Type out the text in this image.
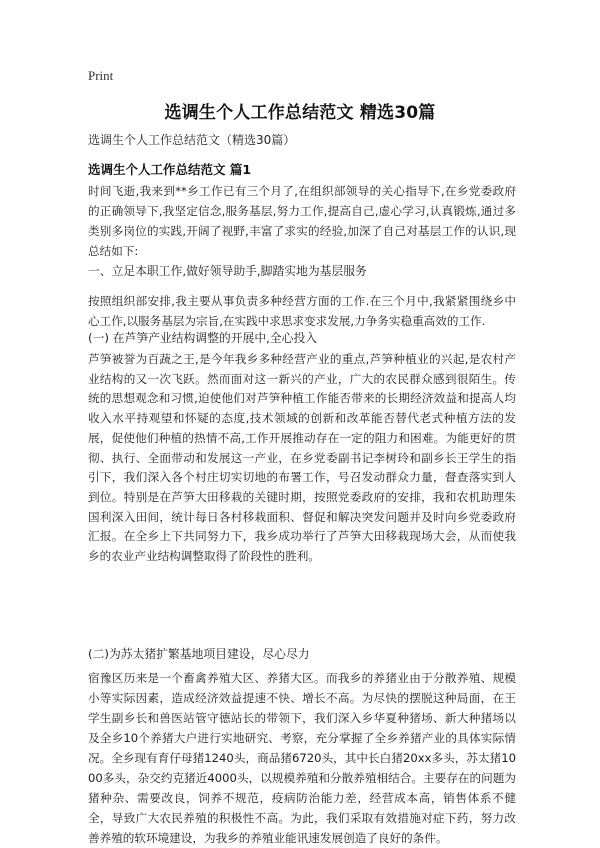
Print
选调生个人工作总结范文 精选30篇
选调生个人工作总结范文（精选30篇）
选调生个人工作总结范文 篇1

时间飞逝,我来到**乡工作已有三个月了,在组织部领导的关心指导下,在乡党委政府的正确领导下,我坚定信念,服务基层,努力工作,提高自己,虚心学习,认真锻炼,通过多类别多岗位的实践,开阔了视野,丰富了求实的经验,加深了自己对基层工作的认识,现总结如下:

一、立足本职工作,做好领导助手,脚踏实地为基层服务

按照组织部安排,我主要从事负责多种经营方面的工作.在三个月中,我紧紧围绕乡中心工作,以服务基层为宗旨,在实践中求思求变求发展,力争务实稳重高效的工作.

(一) 在芦笋产业结构调整的开展中,全心投入

芦笋被誉为百蔬之王,是今年我乡多种经营产业的重点,芦笋种植业的兴起,是农村产业结构的又一次飞跃。然而面对这一新兴的产业，广大的农民群众感到很陌生。传统的思想观念和习惯,迫使他们对芦笋种植工作能否带来的长期经济效益和提高人均收入水平持观望和怀疑的态度,技术领域的创新和改革能否替代老式种植方法的发展，促使他们种植的热情不高,工作开展推动存在一定的阻力和困难。为能更好的贯彻、执行、全面带动和发展这一产业，在乡党委副书记李树玲和副乡长王学生的指引下，我们深入各个村庄切实切地的布署工作，号召发动群众力量，督查落实到人到位。特别是在芦笋大田移栽的关键时期，按照党委政府的安排，我和农机助理朱国利深入田间，统计每日各村移栽面积、督促和解决突发问题并及时向乡党委政府汇报。在全乡上下共同努力下，我乡成功举行了芦笋大田移栽现场大会，从而使我乡的农业产业结构调整取得了阶段性的胜利。

(二)为苏太猪扩繁基地项目建设，尽心尽力

宿豫区历来是一个畜禽养殖大区、养猪大区。而我乡的养猪业由于分散养殖、规模小等实际因素，造成经济效益提速不快、增长不高。为尽快的摆脱这种局面，在王学生副乡长和兽医站管守德站长的带领下，我们深入乡华夏种猪场、新大种猪场以及全乡10个养猪大户进行实地研究、考察，充分掌握了全乡养猪产业的具体实际情况。全乡现有育仔母猪1240头，商品猪6720头，其中长白猪20xx多头，苏太猪1000多头，杂交约克猪近4000头，以规模养殖和分散养殖相结合。主要存在的问题为猪种杂、需要改良，饲养不规范，疫病防治能力差，经营成本高，销售体系不健全，导致广大农民养殖的积极性不高。为此，我们采取有效措施对症下药，努力改善养殖的软环境建设，为我乡的养殖业能讯速发展创造了良好的条件。
